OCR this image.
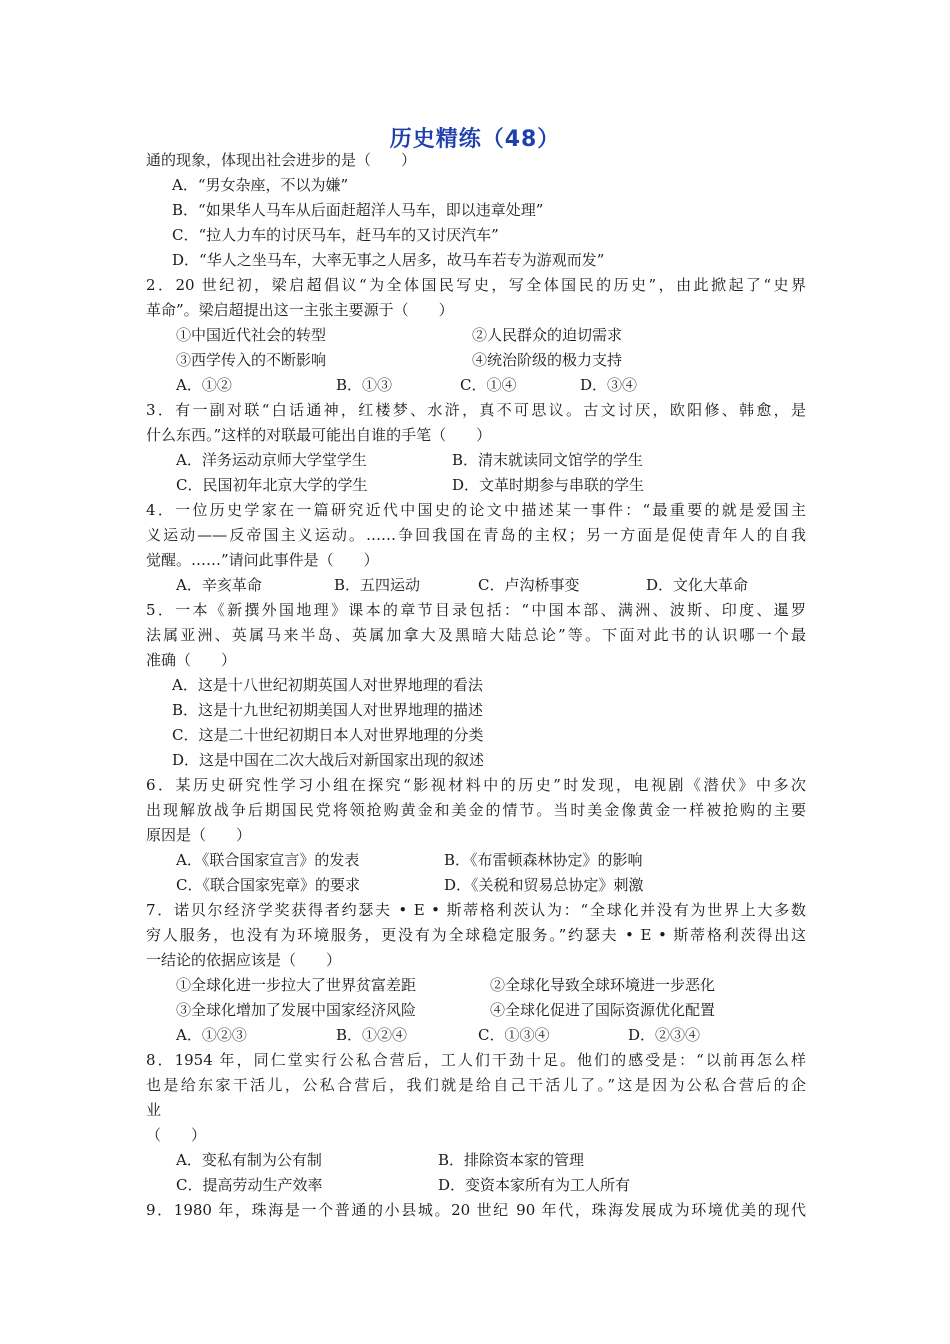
历史精练（48）
通的现象，体现出社会进步的是（　　）
A．“男女杂座，不以为嫌”
B．“如果华人马车从后面赶超洋人马车，即以违章处理”
C．“拉人力车的讨厌马车，赶马车的又讨厌汽车”
D．“华人之坐马车，大率无事之人居多，故马车若专为游观而发”
2．20 世纪初，梁启超倡议“为全体国民写史，写全体国民的历史”，由此掀起了“史界
革命”。梁启超提出这一主张主要源于（　　）
①中国近代社会的转型	②人民群众的迫切需求
③西学传入的不断影响	④统治阶级的极力支持
A．①②	B．①③	C．①④	D．③④
3．有一副对联“白话通神，红楼梦、水浒，真不可思议。古文讨厌，欧阳修、韩愈，是
什么东西。”这样的对联最可能出自谁的手笔（　　）
A．洋务运动京师大学堂学生	B．清末就读同文馆学的学生
C．民国初年北京大学的学生	D．文革时期参与串联的学生
4．一位历史学家在一篇研究近代中国史的论文中描述某一事件：“最重要的就是爱国主
义运动——反帝国主义运动。……争回我国在青岛的主权；另一方面是促使青年人的自我
觉醒。……”请问此事件是（　　）
A．辛亥革命	B．五四运动	C．卢沟桥事变	D．文化大革命
5．一本《新撰外国地理》课本的章节目录包括：“中国本部、满洲、波斯、印度、暹罗
法属亚洲、英属马来半岛、英属加拿大及黑暗大陆总论”等。下面对此书的认识哪一个最
准确（　　）
A．这是十八世纪初期英国人对世界地理的看法
B．这是十九世纪初期美国人对世界地理的描述
C．这是二十世纪初期日本人对世界地理的分类
D．这是中国在二次大战后对新国家出现的叙述
6．某历史研究性学习小组在探究“影视材料中的历史”时发现，电视剧《潜伏》中多次
出现解放战争后期国民党将领抢购黄金和美金的情节。当时美金像黄金一样被抢购的主要
原因是（　　）
A．《联合国家宣言》的发表	B．《布雷顿森林协定》的影响
C．《联合国家宪章》的要求	D．《关税和贸易总协定》刺激
7．诺贝尔经济学奖获得者约瑟夫 • E • 斯蒂格利茨认为：“全球化并没有为世界上大多数
穷人服务，也没有为环境服务，更没有为全球稳定服务。”约瑟夫 • E • 斯蒂格利茨得出这
一结论的依据应该是（　　）
①全球化进一步拉大了世界贫富差距	②全球化导致全球环境进一步恶化
③全球化增加了发展中国家经济风险	④全球化促进了国际资源优化配置
A．①②③	B．①②④	C．①③④	D．②③④
8．1954 年，同仁堂实行公私合营后，工人们干劲十足。他们的感受是：“以前再怎么样
也是给东家干活儿，公私合营后，我们就是给自己干活儿了。”这是因为公私合营后的企
业
（　　）
A．变私有制为公有制	B．排除资本家的管理
C．提高劳动生产效率	D．变资本家所有为工人所有
9．1980 年，珠海是一个普通的小县城。20 世纪 90 年代，珠海发展成为环境优美的现代
